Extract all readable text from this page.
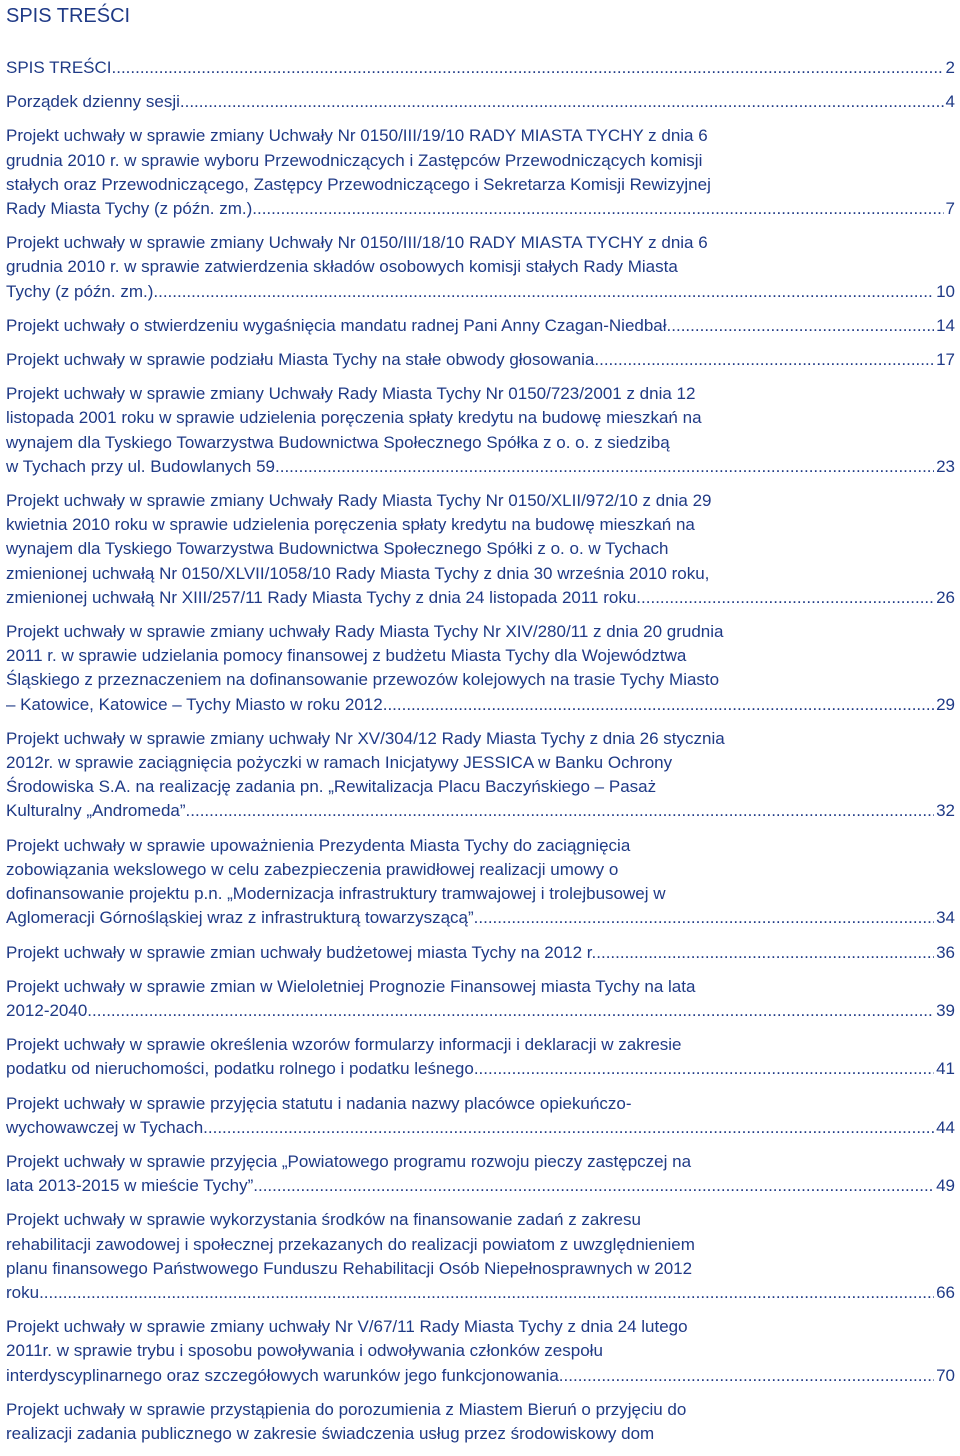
SPIS TREŚCI
SPIS TREŚCI .....	2
Porządek dzienny sesji. .....	4
Projekt uchwały w sprawie zmiany Uchwały Nr 0150/III/19/10 RADY MIASTA TYCHY z dnia 6
grudnia 2010 r. w sprawie wyboru Przewodniczących i Zastępców Przewodniczących komisji
stałych oraz Przewodniczącego, Zastępcy Przewodniczącego i Sekretarza Komisji Rewizyjnej
Rady Miasta Tychy (z późn. zm.). .....	7
Projekt uchwały w sprawie zmiany Uchwały Nr 0150/III/18/10 RADY MIASTA TYCHY z dnia 6
grudnia 2010 r. w sprawie zatwierdzenia składów osobowych komisji stałych Rady Miasta
Tychy (z późn. zm.). .....	10
Projekt uchwały o stwierdzeniu wygaśnięcia mandatu radnej Pani Anny Czagan-Niedbał. .....	14
Projekt uchwały w sprawie podziału Miasta Tychy na stałe obwody głosowania. .....	17
Projekt uchwały w sprawie zmiany Uchwały Rady Miasta Tychy Nr 0150/723/2001 z dnia 12
listopada 2001 roku w sprawie udzielenia poręczenia spłaty kredytu na budowę mieszkań na
wynajem dla Tyskiego Towarzystwa Budownictwa Społecznego Spółka z o. o. z siedzibą
w Tychach przy ul. Budowlanych 59. .....	23
Projekt uchwały w sprawie zmiany Uchwały Rady Miasta Tychy Nr 0150/XLII/972/10 z dnia 29
kwietnia 2010 roku w sprawie udzielenia poręczenia spłaty kredytu na budowę mieszkań na
wynajem dla Tyskiego Towarzystwa Budownictwa Społecznego Spółki z o. o. w Tychach
zmienionej uchwałą Nr 0150/XLVII/1058/10 Rady Miasta Tychy z dnia 30 września 2010 roku,
zmienionej uchwałą Nr XIII/257/11 Rady Miasta Tychy z dnia 24 listopada 2011 roku. .....	26
Projekt uchwały w sprawie zmiany uchwały Rady Miasta Tychy Nr XIV/280/11 z dnia 20 grudnia
2011 r. w sprawie udzielania pomocy finansowej z budżetu Miasta Tychy dla Województwa
Śląskiego z przeznaczeniem na dofinansowanie przewozów kolejowych na trasie Tychy Miasto
– Katowice, Katowice – Tychy Miasto w roku 2012. .....	29
Projekt uchwały w sprawie zmiany uchwały Nr XV/304/12 Rady Miasta Tychy z dnia 26 stycznia
2012r. w sprawie zaciągnięcia pożyczki w ramach Inicjatywy JESSICA w Banku Ochrony
Środowiska S.A. na realizację zadania pn. „Rewitalizacja Placu Baczyńskiego – Pasaż
Kulturalny „Andromeda”. .....	32
Projekt uchwały w sprawie upoważnienia Prezydenta Miasta Tychy do zaciągnięcia
zobowiązania wekslowego w celu zabezpieczenia prawidłowej realizacji umowy o
dofinansowanie projektu p.n. „Modernizacja infrastruktury tramwajowej i trolejbusowej w
Aglomeracji Górnośląskiej wraz z infrastrukturą towarzyszącą”. .....	34
Projekt uchwały w sprawie zmian uchwały budżetowej miasta Tychy na 2012 r. .....	36
Projekt uchwały w sprawie zmian w Wieloletniej Prognozie Finansowej miasta Tychy na lata
2012-2040. .....	39
Projekt uchwały w sprawie określenia wzorów formularzy informacji i deklaracji w zakresie
podatku od nieruchomości, podatku rolnego i podatku leśnego. .....	41
Projekt uchwały w sprawie przyjęcia statutu i nadania nazwy placówce opiekuńczo-
wychowawczej w Tychach. .....	44
Projekt uchwały w sprawie przyjęcia „Powiatowego programu rozwoju pieczy zastępczej na
lata 2013-2015 w mieście Tychy”. .....	49
Projekt uchwały w sprawie wykorzystania środków na finansowanie zadań z zakresu
rehabilitacji zawodowej i społecznej przekazanych do realizacji powiatom z uwzględnieniem
planu finansowego Państwowego Funduszu Rehabilitacji Osób Niepełnosprawnych w 2012
roku. .....	66
Projekt uchwały w sprawie zmiany uchwały Nr V/67/11 Rady Miasta Tychy z dnia 24 lutego
2011r. w sprawie trybu i sposobu powoływania i odwoływania członków zespołu
interdyscyplinarnego oraz szczegółowych warunków jego funkcjonowania. .....	70
Projekt uchwały w sprawie przystąpienia do porozumienia z Miastem Bieruń o przyjęciu do
realizacji zadania publicznego w zakresie świadczenia usług przez środowiskowy dom
